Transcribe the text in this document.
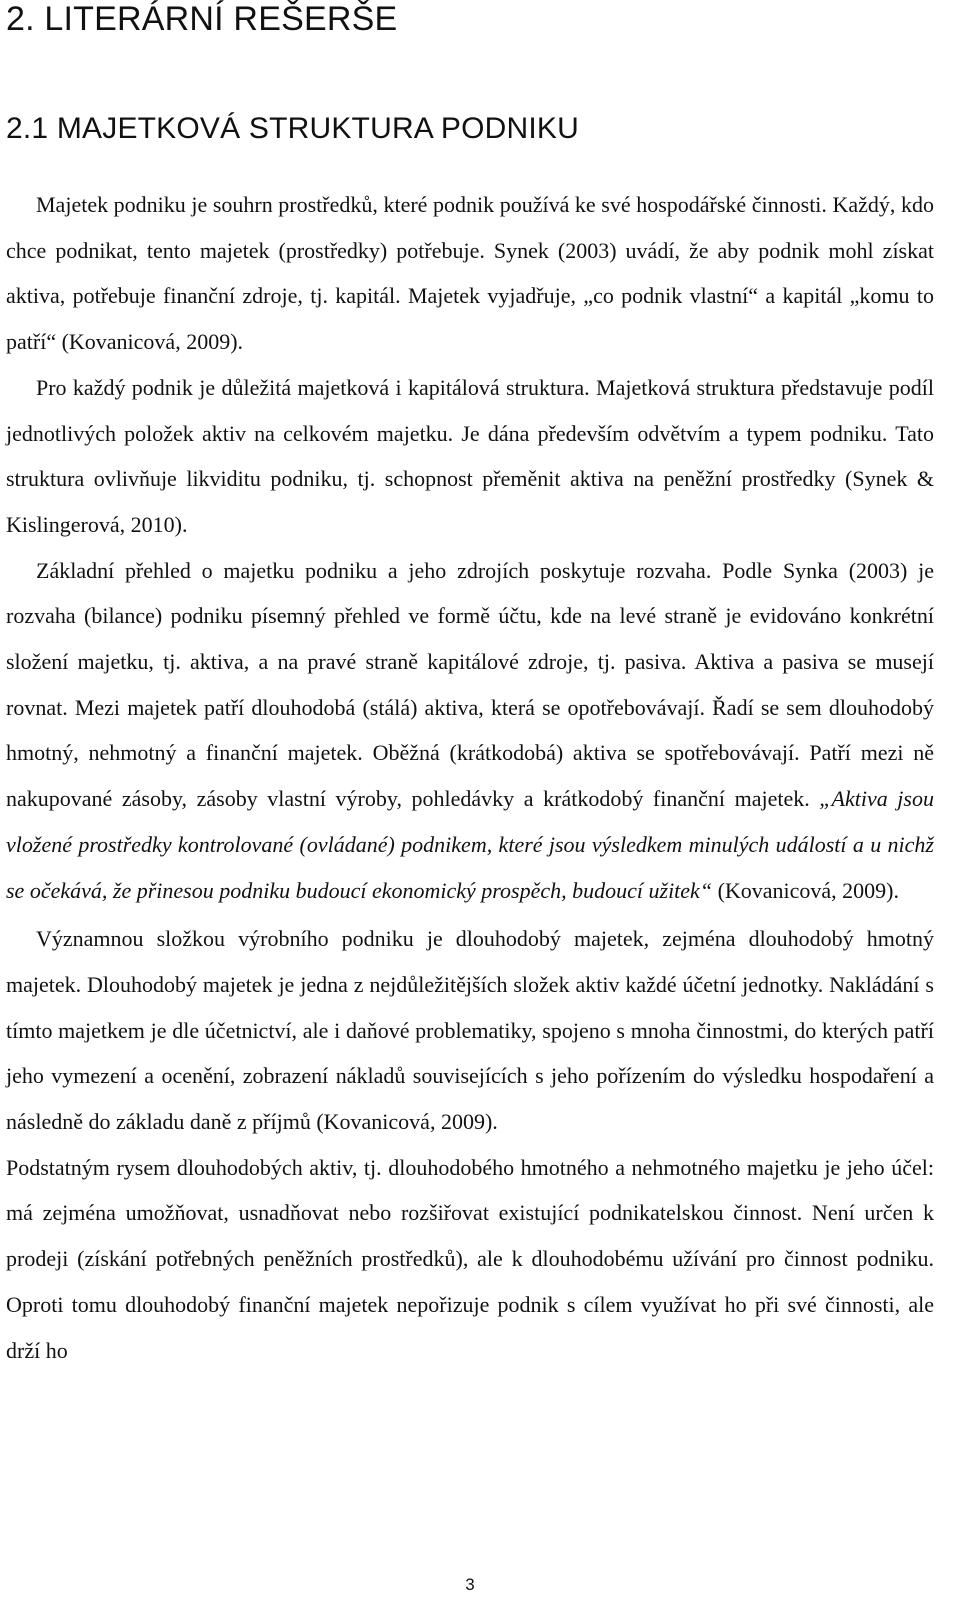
2. LITERÁRNÍ REŠERŠE
2.1 MAJETKOVÁ STRUKTURA PODNIKU

Majetek podniku je souhrn prostředků, které podnik používá ke své hospodářské činnosti. Každý, kdo chce podnikat, tento majetek (prostředky) potřebuje. Synek (2003) uvádí, že aby podnik mohl získat aktiva, potřebuje finanční zdroje, tj. kapitál. Majetek vyjadřuje, „co podnik vlastní“ a kapitál „komu to patří“ (Kovanicová, 2009).

Pro každý podnik je důležitá majetková i kapitálová struktura. Majetková struktura představuje podíl jednotlivých položek aktiv na celkovém majetku. Je dána především odvětvím a typem podniku. Tato struktura ovlivňuje likviditu podniku, tj. schopnost přeměnit aktiva na peněžní prostředky (Synek & Kislingerová, 2010).

Základní přehled o majetku podniku a jeho zdrojích poskytuje rozvaha. Podle Synka (2003) je rozvaha (bilance) podniku písemný přehled ve formě účtu, kde na levé straně je evidováno konkrétní složení majetku, tj. aktiva, a na pravé straně kapitálové zdroje, tj. pasiva. Aktiva a pasiva se musejí rovnat. Mezi majetek patří dlouhodobá (stálá) aktiva, která se opotřebovávají. Řadí se sem dlouhodobý hmotný, nehmotný a finanční majetek. Oběžná (krátkodobá) aktiva se spotřebovávají. Patří mezi ně nakupované zásoby, zásoby vlastní výroby, pohledávky a krátkodobý finanční majetek. „Aktiva jsou vložené prostředky kontrolované (ovládané) podnikem, které jsou výsledkem minulých událostí a u nichž se očekává, že přinesou podniku budoucí ekonomický prospěch, budoucí užitek“ (Kovanicová, 2009).

Významnou složkou výrobního podniku je dlouhodobý majetek, zejména dlouhodobý hmotný majetek. Dlouhodobý majetek je jedna z nejdůležitějších složek aktiv každé účetní jednotky. Nakládání s tímto majetkem je dle účetnictví, ale i daňové problematiky, spojeno s mnoha činnostmi, do kterých patří jeho vymezení a ocenění, zobrazení nákladů souvisejících s jeho pořízením do výsledku hospodaření a následně do základu daně z příjmů (Kovanicová, 2009).

Podstatným rysem dlouhodobých aktiv, tj. dlouhodobého hmotného a nehmotného majetku je jeho účel: má zejména umožňovat, usnadňovat nebo rozšiřovat existující podnikatelskou činnost. Není určen k prodeji (získání potřebných peněžních prostředků), ale k dlouhodobému užívání pro činnost podniku. Oproti tomu dlouhodobý finanční majetek nepořizuje podnik s cílem využívat ho při své činnosti, ale drží ho

3
